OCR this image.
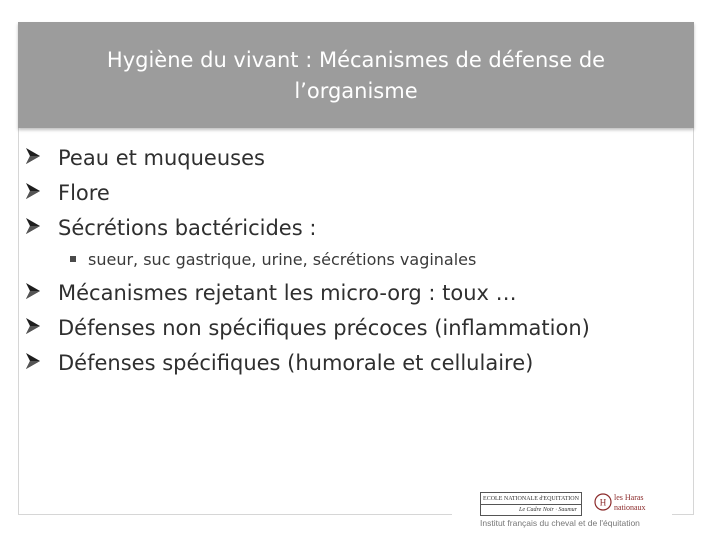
Hygiène du vivant : Mécanismes de défense de l’organisme
Peau et muqueuses
Flore
Sécrétions bactéricides :
sueur, suc gastrique, urine, sécrétions vaginales
Mécanismes rejetant les micro-org : toux …
Défenses non spécifiques précoces (inflammation)
Défenses spécifiques (humorale et cellulaire)
ECOLE NATIONALE d'EQUITATION
Le Cadre Noir · Saumur
H les Haras nationaux
Institut français du cheval et de l'équitation
